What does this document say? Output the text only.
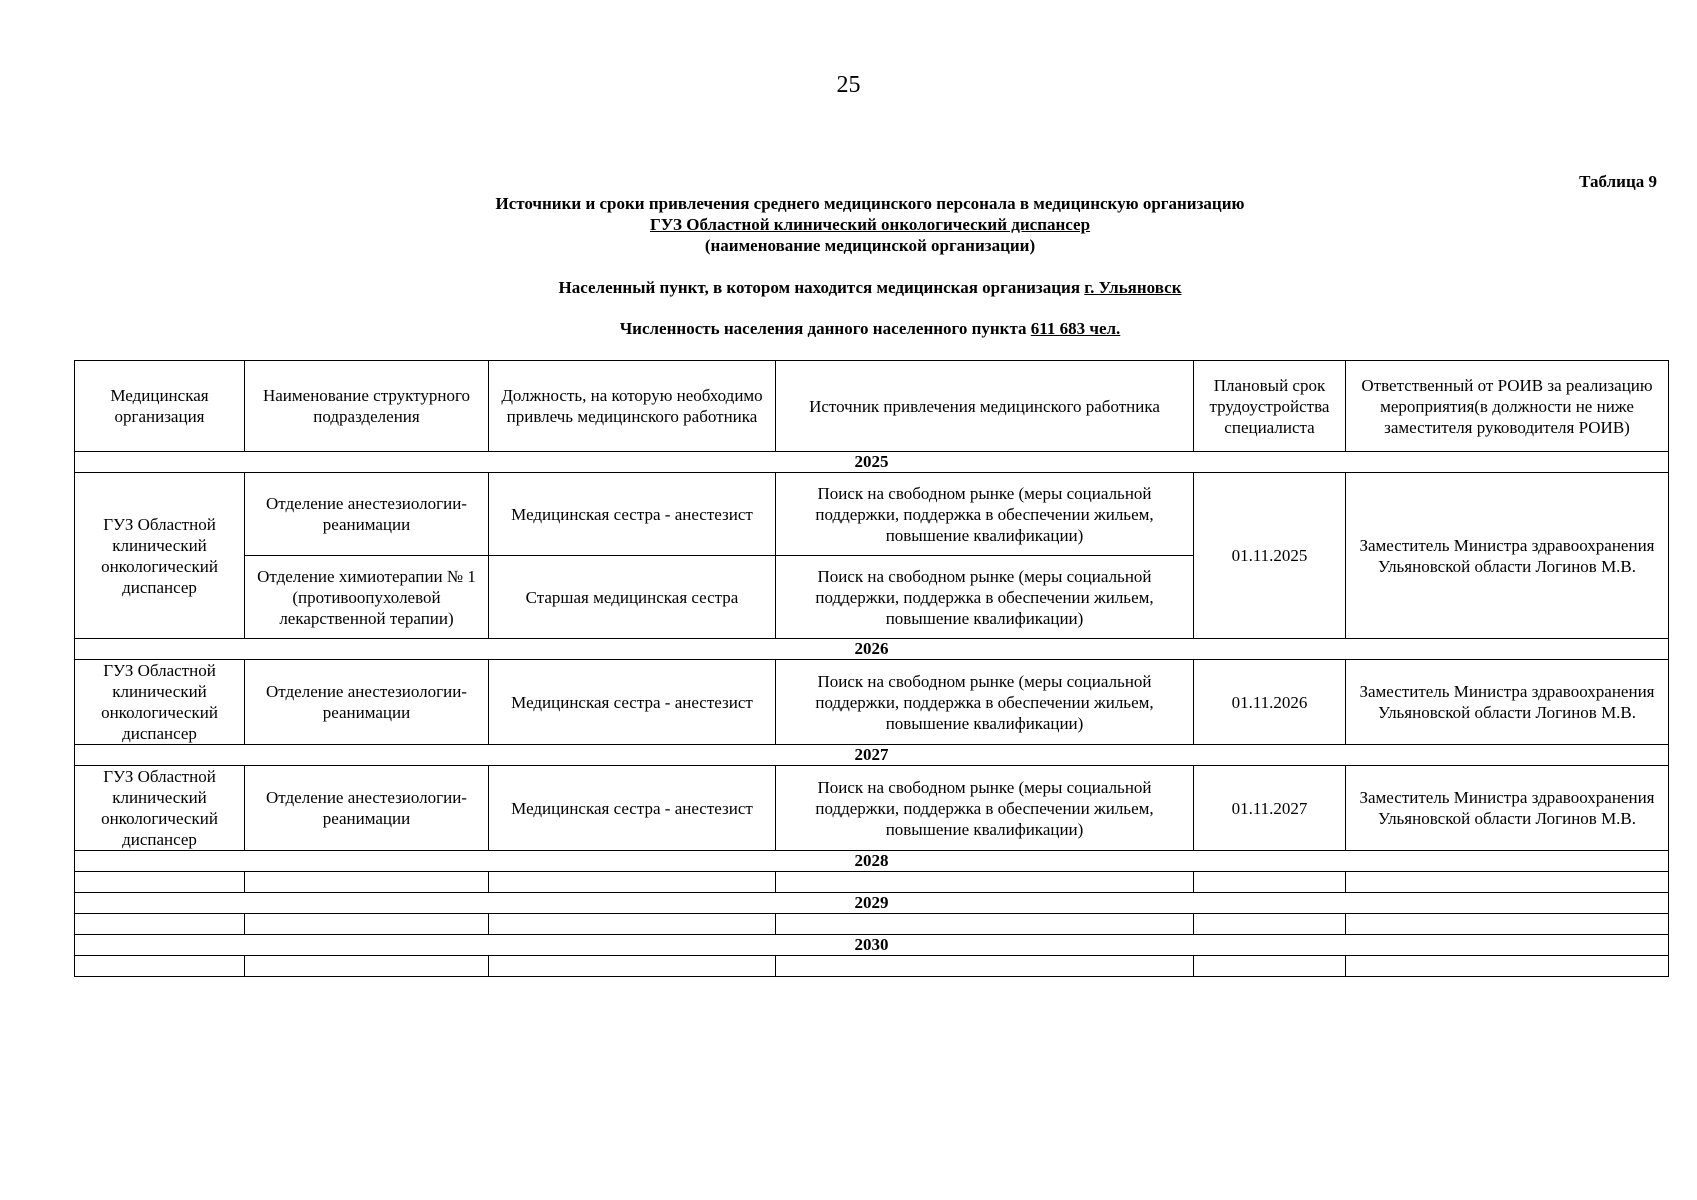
25
Таблица 9
Источники и сроки привлечения среднего медицинского персонала в медицинскую организацию
ГУЗ Областной клинический онкологический диспансер
(наименование медицинской организации)
Населенный пункт, в котором находится медицинская организация г. Ульяновск
Численность населения данного населенного пункта 611 683 чел.
Медицинская организация	Наименование структурного подразделения	Должность, на которую необходимо привлечь медицинского работника	Источник привлечения медицинского работника	Плановый срок трудоустройства специалиста	Ответственный от РОИВ за реализацию мероприятия(в должности не ниже заместителя руководителя РОИВ)
2025					
ГУЗ Областной клинический онкологический диспансер	Отделение анестезиологии-реанимации	Медицинская сестра - анестезист	Поиск на свободном рынке (меры социальной поддержки, поддержка в обеспечении жильем, повышение квалификации)	01.11.2025	Заместитель Министра здравоохранения Ульяновской области Логинов М.В.
	Отделение химиотерапии № 1 (противоопухолевой лекарственной терапии)	Старшая медицинская сестра	Поиск на свободном рынке (меры социальной поддержки, поддержка в обеспечении жильем, повышение квалификации)		
2026					
ГУЗ Областной клинический онкологический диспансер	Отделение анестезиологии-реанимации	Медицинская сестра - анестезист	Поиск на свободном рынке (меры социальной поддержки, поддержка в обеспечении жильем, повышение квалификации)	01.11.2026	Заместитель Министра здравоохранения Ульяновской области Логинов М.В.
2027					
ГУЗ Областной клинический онкологический диспансер	Отделение анестезиологии-реанимации	Медицинская сестра - анестезист	Поиск на свободном рынке (меры социальной поддержки, поддержка в обеспечении жильем, повышение квалификации)	01.11.2027	Заместитель Министра здравоохранения Ульяновской области Логинов М.В.
2028					

2029					

2030					
